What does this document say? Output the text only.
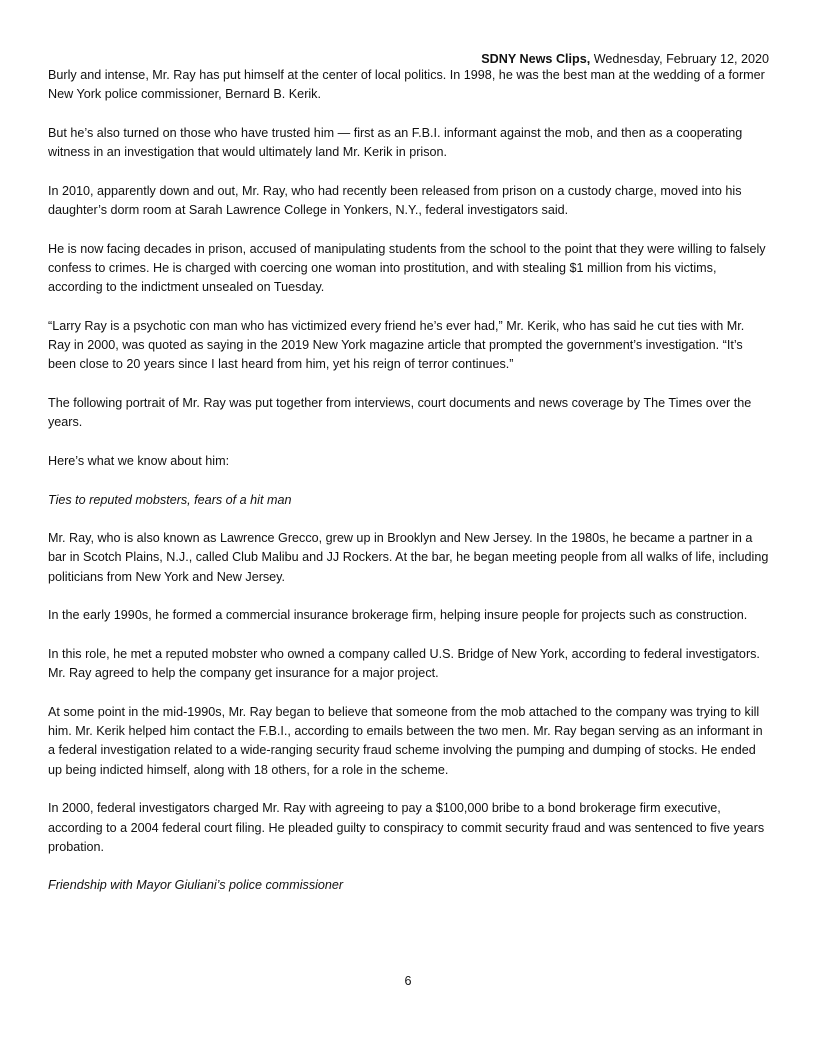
SDNY News Clips, Wednesday, February 12, 2020

Burly and intense, Mr. Ray has put himself at the center of local politics. In 1998, he was the best man at the wedding of a former New York police commissioner, Bernard B. Kerik.

But he’s also turned on those who have trusted him — first as an F.B.I. informant against the mob, and then as a cooperating witness in an investigation that would ultimately land Mr. Kerik in prison.

In 2010, apparently down and out, Mr. Ray, who had recently been released from prison on a custody charge, moved into his daughter’s dorm room at Sarah Lawrence College in Yonkers, N.Y., federal investigators said.

He is now facing decades in prison, accused of manipulating students from the school to the point that they were willing to falsely confess to crimes. He is charged with coercing one woman into prostitution, and with stealing $1 million from his victims, according to the indictment unsealed on Tuesday.

“Larry Ray is a psychotic con man who has victimized every friend he’s ever had,” Mr. Kerik, who has said he cut ties with Mr. Ray in 2000, was quoted as saying in the 2019 New York magazine article that prompted the government’s investigation. “It’s been close to 20 years since I last heard from him, yet his reign of terror continues.”

The following portrait of Mr. Ray was put together from interviews, court documents and news coverage by The Times over the years.

Here’s what we know about him:

Ties to reputed mobsters, fears of a hit man

Mr. Ray, who is also known as Lawrence Grecco, grew up in Brooklyn and New Jersey. In the 1980s, he became a partner in a bar in Scotch Plains, N.J., called Club Malibu and JJ Rockers. At the bar, he began meeting people from all walks of life, including politicians from New York and New Jersey.

In the early 1990s, he formed a commercial insurance brokerage firm, helping insure people for projects such as construction.

In this role, he met a reputed mobster who owned a company called U.S. Bridge of New York, according to federal investigators. Mr. Ray agreed to help the company get insurance for a major project.

At some point in the mid-1990s, Mr. Ray began to believe that someone from the mob attached to the company was trying to kill him. Mr. Kerik helped him contact the F.B.I., according to emails between the two men. Mr. Ray began serving as an informant in a federal investigation related to a wide-ranging security fraud scheme involving the pumping and dumping of stocks. He ended up being indicted himself, along with 18 others, for a role in the scheme.

In 2000, federal investigators charged Mr. Ray with agreeing to pay a $100,000 bribe to a bond brokerage firm executive, according to a 2004 federal court filing. He pleaded guilty to conspiracy to commit security fraud and was sentenced to five years probation.

Friendship with Mayor Giuliani’s police commissioner

6
